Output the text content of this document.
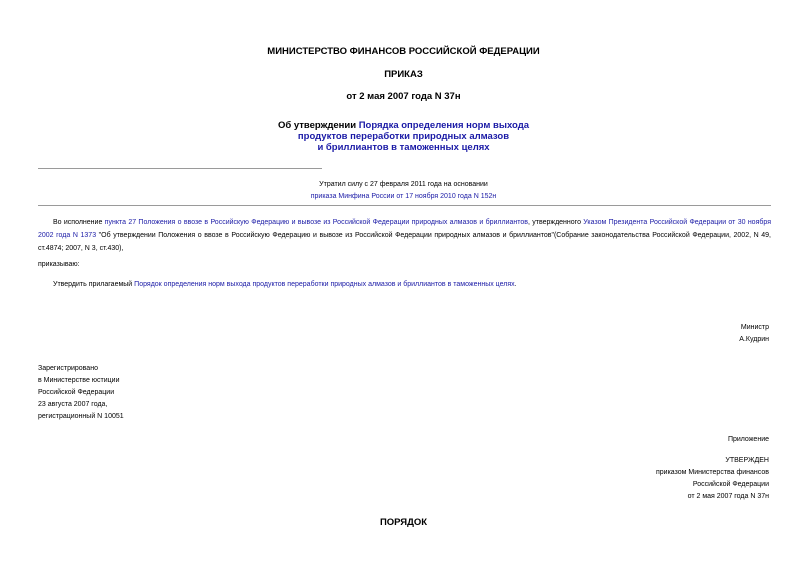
МИНИСТЕРСТВО ФИНАНСОВ РОССИЙСКОЙ ФЕДЕРАЦИИ
ПРИКАЗ
от 2 мая 2007 года N 37н
Об утверждении Порядка определения норм выхода
продуктов переработки природных алмазов
и бриллиантов в таможенных целях
Утратил силу с 27 февраля 2011 года на основании
приказа Минфина России от 17 ноября 2010 года N 152н
Во исполнение пункта 27 Положения о ввозе в Российскую Федерацию и вывозе из Российской Федерации природных алмазов и бриллиантов, утвержденного Указом Президента Российской Федерации от 30 ноября 2002 года N 1373 "Об утверждении Положения о ввозе в Российскую Федерацию и вывозе из Российской Федерации природных алмазов и бриллиантов"(Собрание законодательства Российской Федерации, 2002, N 49, ст.4874; 2007, N 3, ст.430),
приказываю:
Утвердить прилагаемый Порядок определения норм выхода продуктов переработки природных алмазов и бриллиантов в таможенных целях.
Министр
А.Кудрин
Зарегистрировано
в Министерстве юстиции
Российской Федерации
23 августа 2007 года,
регистрационный N 10051
Приложение
УТВЕРЖДЕН
приказом Министерства финансов
Российской Федерации
от 2 мая 2007 года N 37н
ПОРЯДОК
